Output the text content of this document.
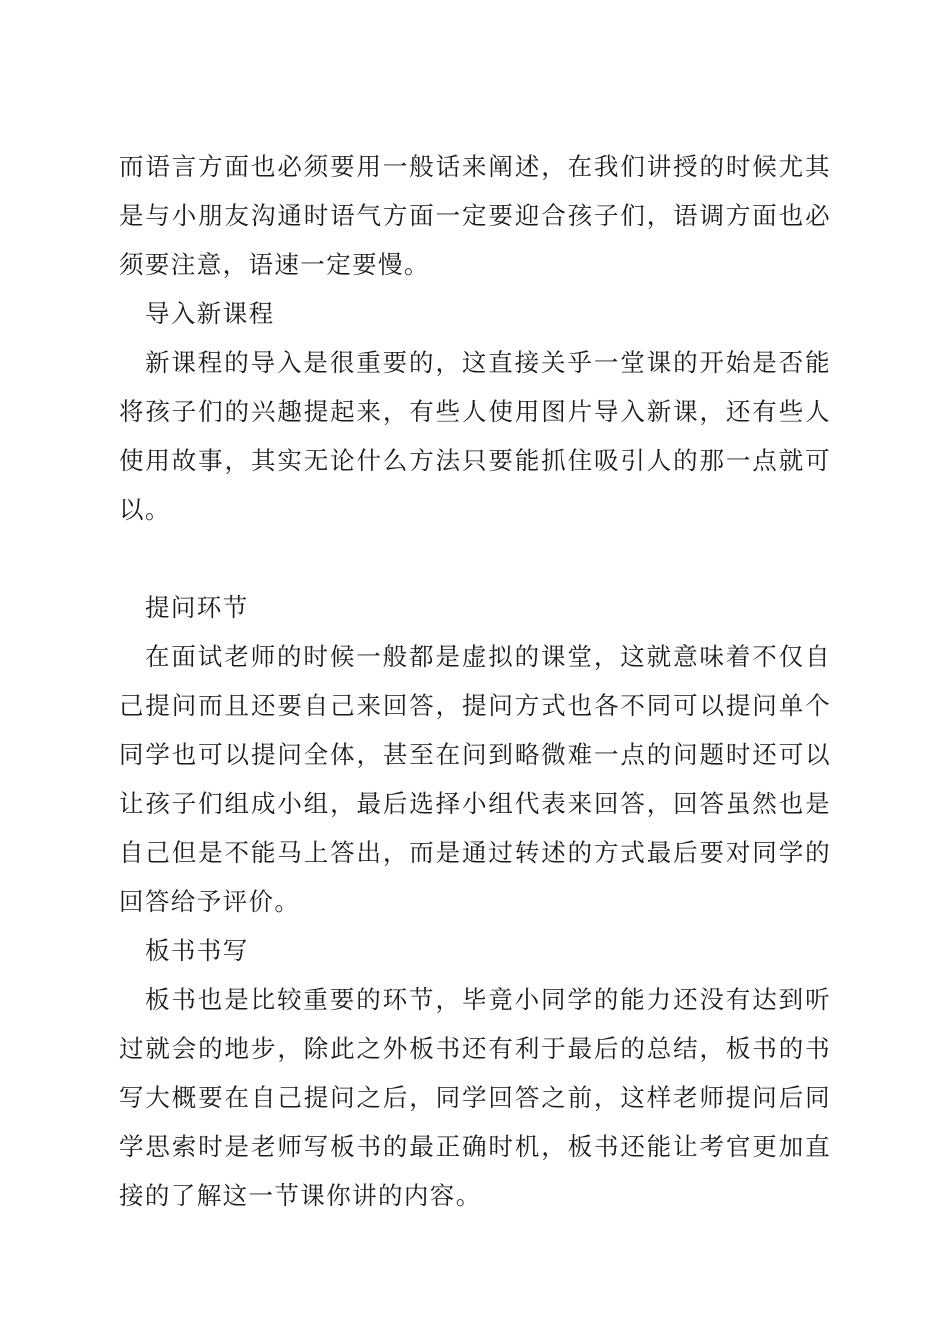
而语言方面也必须要用一般话来阐述，在我们讲授的时候尤其是与小朋友沟通时语气方面一定要迎合孩子们，语调方面也必须要注意，语速一定要慢。

导入新课程

新课程的导入是很重要的，这直接关乎一堂课的开始是否能将孩子们的兴趣提起来，有些人使用图片导入新课，还有些人使用故事，其实无论什么方法只要能抓住吸引人的那一点就可以。

提问环节

在面试老师的时候一般都是虚拟的课堂，这就意味着不仅自己提问而且还要自己来回答，提问方式也各不同可以提问单个同学也可以提问全体，甚至在问到略微难一点的问题时还可以让孩子们组成小组，最后选择小组代表来回答，回答虽然也是自己但是不能马上答出，而是通过转述的方式最后要对同学的回答给予评价。

板书书写

板书也是比较重要的环节，毕竟小同学的能力还没有达到听过就会的地步，除此之外板书还有利于最后的总结，板书的书写大概要在自己提问之后，同学回答之前，这样老师提问后同学思索时是老师写板书的最正确时机，板书还能让考官更加直接的了解这一节课你讲的内容。
